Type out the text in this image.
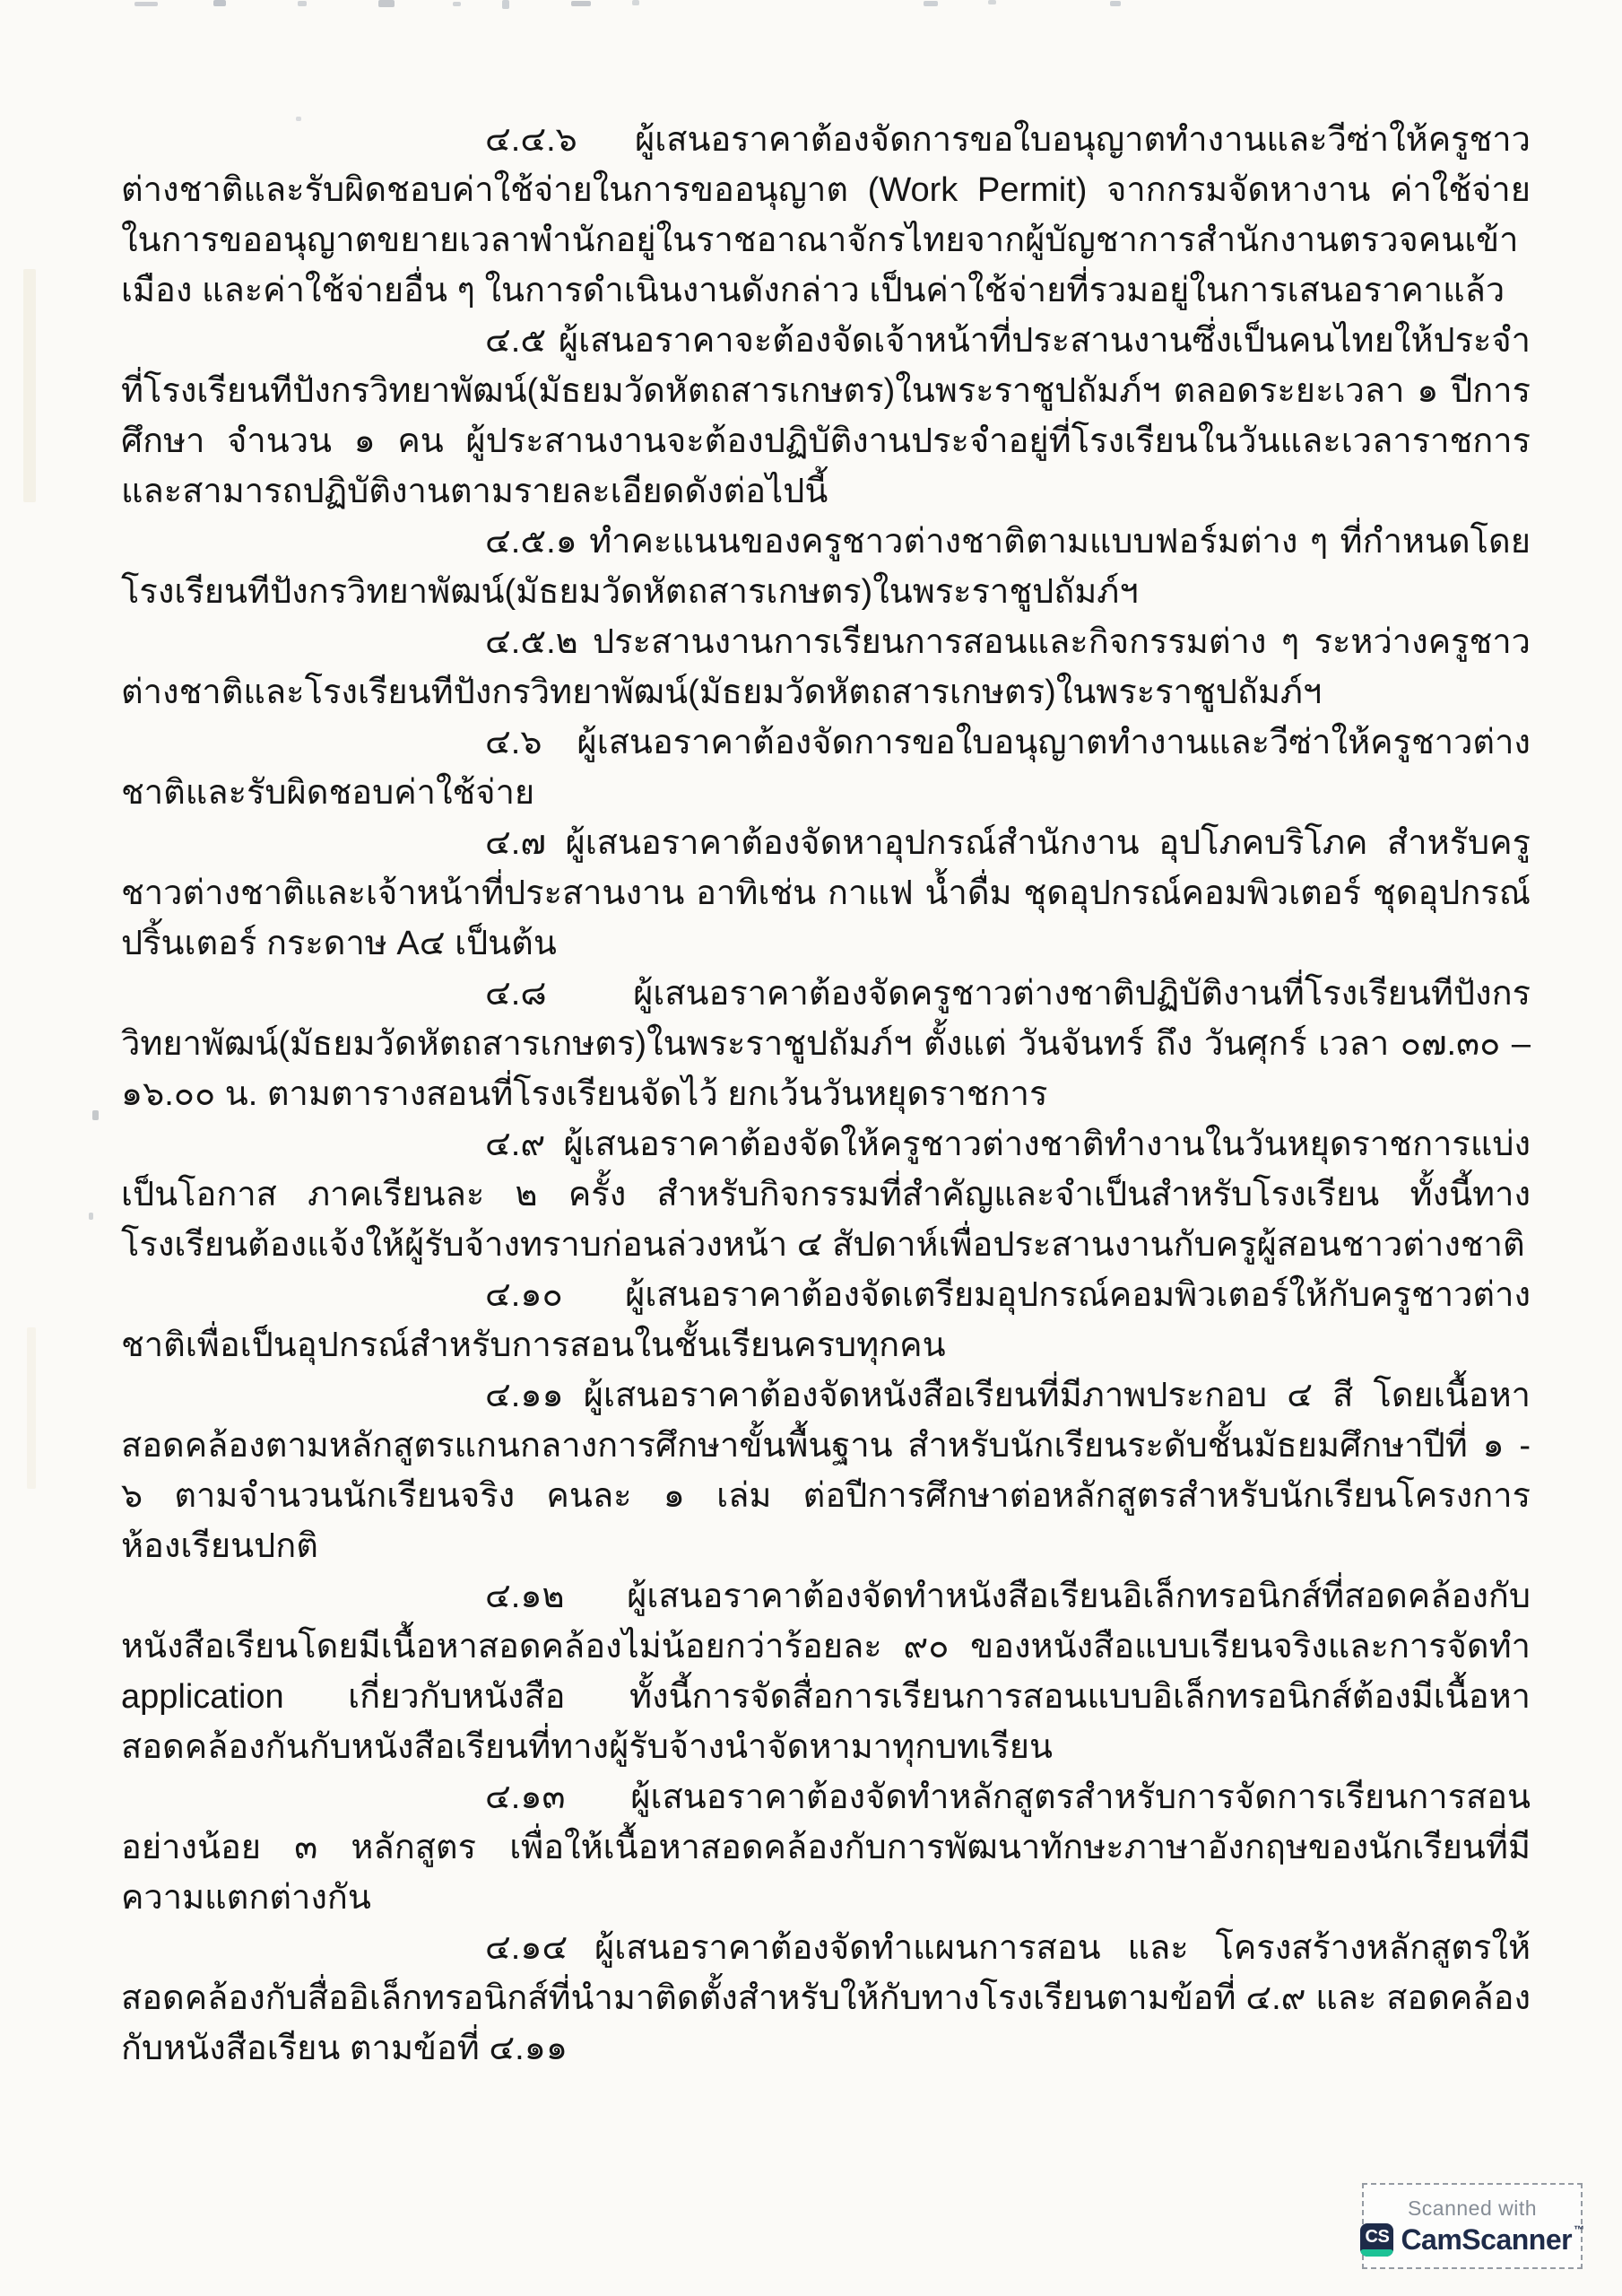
๔.๔.๖ ผู้เสนอราคาต้องจัดการขอใบอนุญาตทำงานและวีซ่าให้ครูชาวต่างชาติและรับผิดชอบค่าใช้จ่ายในการขออนุญาต (Work Permit) จากกรมจัดหางาน ค่าใช้จ่ายในการขออนุญาตขยายเวลาพำนักอยู่ในราชอาณาจักรไทยจากผู้บัญชาการสำนักงานตรวจคนเข้าเมือง และค่าใช้จ่ายอื่น ๆ ในการดำเนินงานดังกล่าว เป็นค่าใช้จ่ายที่รวมอยู่ในการเสนอราคาแล้ว

๔.๕ ผู้เสนอราคาจะต้องจัดเจ้าหน้าที่ประสานงานซึ่งเป็นคนไทยให้ประจำที่โรงเรียนทีปังกรวิทยาพัฒน์(มัธยมวัดหัตถสารเกษตร)ในพระราชูปถัมภ์ฯ ตลอดระยะเวลา ๑ ปีการศึกษา จำนวน ๑ คน ผู้ประสานงานจะต้องปฏิบัติงานประจำอยู่ที่โรงเรียนในวันและเวลาราชการ และสามารถปฏิบัติงานตามรายละเอียดดังต่อไปนี้

๔.๕.๑ ทำคะแนนของครูชาวต่างชาติตามแบบฟอร์มต่าง ๆ ที่กำหนดโดยโรงเรียนทีปังกรวิทยาพัฒน์(มัธยมวัดหัตถสารเกษตร)ในพระราชูปถัมภ์ฯ

๔.๕.๒ ประสานงานการเรียนการสอนและกิจกรรมต่าง ๆ ระหว่างครูชาวต่างชาติและโรงเรียนทีปังกรวิทยาพัฒน์(มัธยมวัดหัตถสารเกษตร)ในพระราชูปถัมภ์ฯ

๔.๖ ผู้เสนอราคาต้องจัดการขอใบอนุญาตทำงานและวีซ่าให้ครูชาวต่างชาติและรับผิดชอบค่าใช้จ่าย

๔.๗ ผู้เสนอราคาต้องจัดหาอุปกรณ์สำนักงาน อุปโภคบริโภค สำหรับครูชาวต่างชาติและเจ้าหน้าที่ประสานงาน อาทิเช่น กาแฟ น้ำดื่ม ชุดอุปกรณ์คอมพิวเตอร์ ชุดอุปกรณ์ปริ้นเตอร์ กระดาษ A๔ เป็นต้น

๔.๘ ผู้เสนอราคาต้องจัดครูชาวต่างชาติปฏิบัติงานที่โรงเรียนทีปังกรวิทยาพัฒน์(มัธยมวัดหัตถสารเกษตร)ในพระราชูปถัมภ์ฯ ตั้งแต่ วันจันทร์ ถึง วันศุกร์ เวลา ๐๗.๓๐ – ๑๖.๐๐ น. ตามตารางสอนที่โรงเรียนจัดไว้ ยกเว้นวันหยุดราชการ

๔.๙ ผู้เสนอราคาต้องจัดให้ครูชาวต่างชาติทำงานในวันหยุดราชการแบ่งเป็นโอกาส ภาคเรียนละ ๒ ครั้ง สำหรับกิจกรรมที่สำคัญและจำเป็นสำหรับโรงเรียน ทั้งนี้ทางโรงเรียนต้องแจ้งให้ผู้รับจ้างทราบก่อนล่วงหน้า ๔ สัปดาห์เพื่อประสานงานกับครูผู้สอนชาวต่างชาติ

๔.๑๐ ผู้เสนอราคาต้องจัดเตรียมอุปกรณ์คอมพิวเตอร์ให้กับครูชาวต่างชาติเพื่อเป็นอุปกรณ์สำหรับการสอนในชั้นเรียนครบทุกคน

๔.๑๑ ผู้เสนอราคาต้องจัดหนังสือเรียนที่มีภาพประกอบ ๔ สี โดยเนื้อหาสอดคล้องตามหลักสูตรแกนกลางการศึกษาขั้นพื้นฐาน สำหรับนักเรียนระดับชั้นมัธยมศึกษาปีที่ ๑ - ๖ ตามจำนวนนักเรียนจริง คนละ ๑ เล่ม ต่อปีการศึกษาต่อหลักสูตรสำหรับนักเรียนโครงการห้องเรียนปกติ

๔.๑๒ ผู้เสนอราคาต้องจัดทำหนังสือเรียนอิเล็กทรอนิกส์ที่สอดคล้องกับหนังสือเรียนโดยมีเนื้อหาสอดคล้องไม่น้อยกว่าร้อยละ ๙๐ ของหนังสือแบบเรียนจริงและการจัดทำ application เกี่ยวกับหนังสือ ทั้งนี้การจัดสื่อการเรียนการสอนแบบอิเล็กทรอนิกส์ต้องมีเนื้อหาสอดคล้องกันกับหนังสือเรียนที่ทางผู้รับจ้างนำจัดหามาทุกบทเรียน

๔.๑๓ ผู้เสนอราคาต้องจัดทำหลักสูตรสำหรับการจัดการเรียนการสอนอย่างน้อย ๓ หลักสูตร เพื่อให้เนื้อหาสอดคล้องกับการพัฒนาทักษะภาษาอังกฤษของนักเรียนที่มีความแตกต่างกัน

๔.๑๔ ผู้เสนอราคาต้องจัดทำแผนการสอน และ โครงสร้างหลักสูตรให้สอดคล้องกับสื่ออิเล็กทรอนิกส์ที่นำมาติดตั้งสำหรับให้กับทางโรงเรียนตามข้อที่ ๔.๙ และ สอดคล้องกับหนังสือเรียน ตามข้อที่ ๔.๑๑

Scanned with
CS CamScanner ™
